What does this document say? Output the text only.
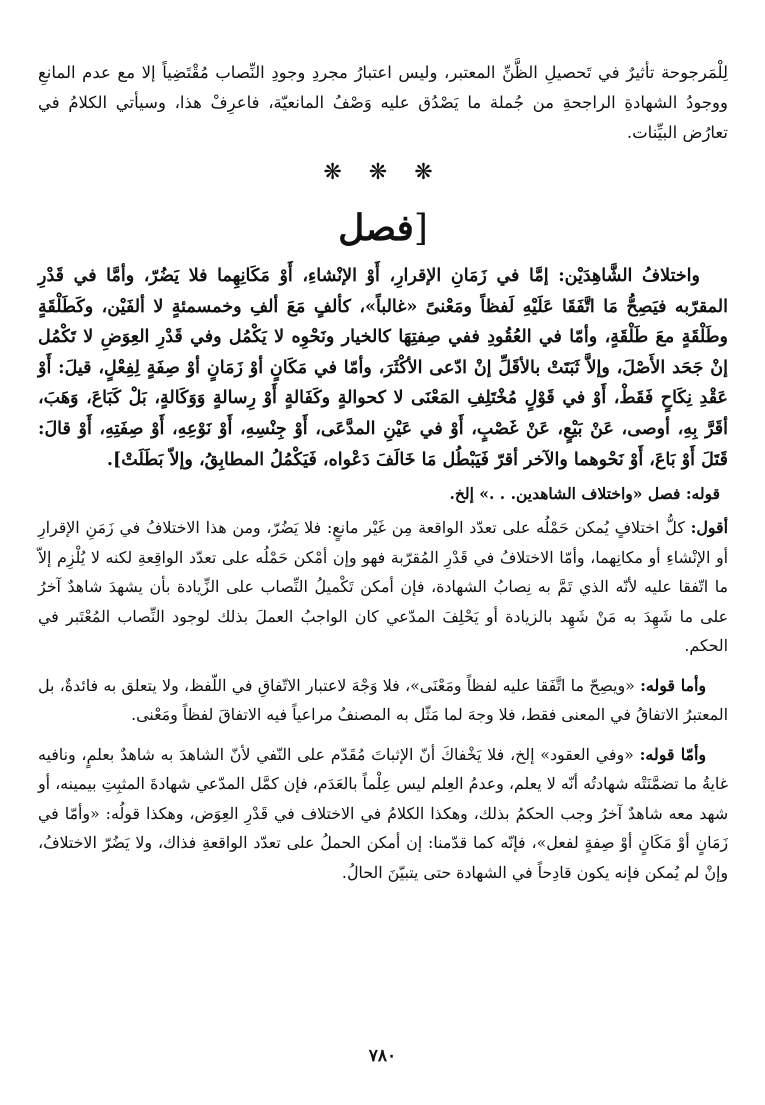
لِلْمَرجوحة تأثيرٌ في تَحصيلِ الظَّنِّ المعتبر، وليس اعتبارُ مجردِ وجودِ النِّصاب مُقْتَضِياً إلا مع عدم المانعِ ووجودُ الشهادةِ الراجحةِ من جُملة ما يَصْدُق عليه وَصْفُ المانعيّة، فاعرِفْ هذا، وسيأتي الكلامُ في تعارُض البيِّنات.

❋ ❋ ❋
[فصل

واختلافُ الشَّاهِدَيْن: إمَّا في زَمَانِ الإقرارِ، أَوْ الإنْشاءِ، أَوْ مَكَانِهِما فلا يَضُرّ، وأمَّا في قَدْرِ المقرّبه فيَصِحُّ مَا اتَّفَقَا عَلَيْهِ لَفظاً ومَعْنىً «غالباً»، كألفٍ مَعَ ألفِ وخمسمئةٍ لا ألفَيْن، وكَطَلْقَةٍ وطَلْقَةٍ معَ طَلْقَةٍ، وأمّا في العُقُودِ ففي صِفتِهَا كالخيار ونَحْوِه لا يَكْمُل وفي قَدْرِ العِوَضِ لا تَكْمُل إنْ جَحَد الأَصْلَ، وإلاَّ ثَبَتَتْ بالأقَلِّ إنْ ادّعى الأكْثَرَ، وأمّا في مَكَانٍ أوْ زَمَانٍ أوْ صِفَةٍ لِفِعْلٍ، قيلَ: أَوْ عَقْدِ نِكَاحٍ فَقَطْ، أَوْ في قَوْلٍ مُخْتَلِفِ المَعْنَى لا كحوالةٍ وكَفَالةٍ أَوْ رِسالةٍ وَوَكَالةٍ، بَلْ كَبَاعَ، وَهَبَ، أقَرَّ بِهِ، أوصى، عَنْ بَيْعٍ، عَنْ غَصْبٍ، أَوْ في عَيْنِ المدَّعَى، أَوْ جِنْسِهِ، أَوْ نَوْعِهِ، أَوْ صِفَتِهِ، أَوْ قالَ: قَتَلَ أَوْ بَاعَ، أَوْ نَحْوهما والآخر أقرّ فَيَبْطُل مَا خَالَفَ دَعْواه، فَيَكْمُلُ المطابِقُ، وإلاّ بَطَلَتْ].

قوله: فصل «واختلاف الشاهدين. . .» إلخ.

أقول: كلُّ اختلافٍ يُمكن حَمْلُه على تعدّد الواقعة مِن غَيْر مانعٍ: فلا يَضُرّ، ومن هذا الاختلافُ في زَمَنِ الإقرارِ أو الإنْشاءِ أو مكانِهما، وأمّا الاختلافُ في قَدْرِ المُقرّبة فهو وإن أمْكن حَمْلُه على تعدّد الواقِعةِ لكنه لا يُلْزِم إلاّ ما اتّفقا عليه لأنّه الذي تَمَّ به نِصابُ الشهادة، فإن أمكن تَكْميلُ النِّصاب على الزِّيادة بأن يشهدَ شاهدٌ آخرُ على ما شَهِدَ به مَنْ شَهِد بالزيادة أو يَحْلِفَ المدّعي كان الواجبُ العملَ بذلك لوجود النِّصاب المُعْتَبر في الحكم.

وأما قوله: «ويصِحّ ما اتَّفَقا عليه لفظاً ومَعْنَى»، فلا وَجْهَ لاعتبار الاتّفاقِ في اللّفظ، ولا يتعلق به فائدةٌ، بل المعتبرُ الاتفاقُ في المعنى فقط، فلا وجهَ لما مَثّل به المصنفُ مراعياً فيه الاتفاقَ لفظاً ومَعْنى.

وأمّا قوله: «وفي العقود» إلخ، فلا يَخْفاكَ أنّ الإثباتَ مُقَدّم على النّفي لأنّ الشاهدَ به شاهدٌ بعلمٍ، ونافيه غايةُ ما تضمَّنَتْه شهادتُه أنّه لا يعلم، وعدمُ العِلم ليس عِلْماً بالعَدَم، فإن كمَّل المدّعي شهادةَ المثبِتِ بيمينه، أو شهد معه شاهدٌ آخرُ وجب الحكمُ بذلك، وهكذا الكلامُ في الاختلاف في قَدْرِ العِوَض، وهكذا قولُه: «وأمّا في زَمَانٍ أوْ مَكَانٍ أوْ صِفةٍ لفعل»، فإنّه كما قدّمنا: إن أمكن الحملُ على تعدّد الواقعةِ فذاك، ولا يَضُرّ الاختلافُ، وإنْ لم يُمكن فإنه يكون قادِحاً في الشهادة حتى يتبيّنَ الحالُ.

٧٨٠
